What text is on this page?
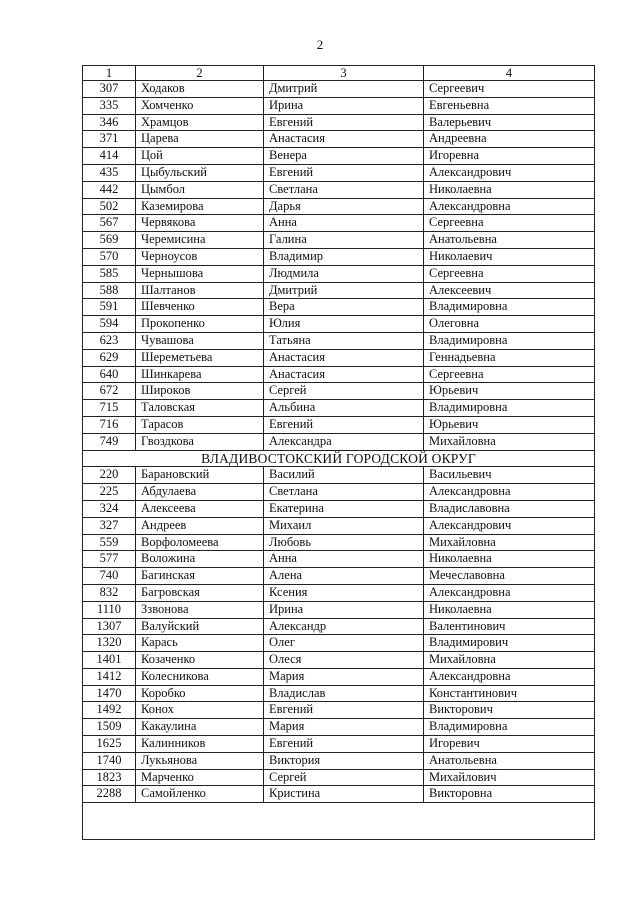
2
1	2	3	4
307	Ходаков	Дмитрий	Сергеевич
335	Хомченко	Ирина	Евгеньевна
346	Храмцов	Евгений	Валерьевич
371	Царева	Анастасия	Андреевна
414	Цой	Венера	Игоревна
435	Цыбульский	Евгений	Александрович
442	Цымбол	Светлана	Николаевна
502	Каземирова	Дарья	Александровна
567	Червякова	Анна	Сергеевна
569	Черемисина	Галина	Анатольевна
570	Черноусов	Владимир	Николаевич
585	Чернышова	Людмила	Сергеевна
588	Шалтанов	Дмитрий	Алексеевич
591	Шевченко	Вера	Владимировна
594	Прокопенко	Юлия	Олеговна
623	Чувашова	Татьяна	Владимировна
629	Шереметьева	Анастасия	Геннадьевна
640	Шинкарева	Анастасия	Сергеевна
672	Широков	Сергей	Юрьевич
715	Таловская	Альбина	Владимировна
716	Тарасов	Евгений	Юрьевич
749	Гвоздкова	Александра	Михайловна
ВЛАДИВОСТОКСКИЙ ГОРОДСКОЙ ОКРУГ			
220	Барановский	Василий	Васильевич
225	Абдулаева	Светлана	Александровна
324	Алексеева	Екатерина	Владиславовна
327	Андреев	Михаил	Александрович
559	Ворфоломеева	Любовь	Михайловна
577	Воложина	Анна	Николаевна
740	Багинская	Алена	Мечеславовна
832	Багровская	Ксения	Александровна
1110	Ззвонова	Ирина	Николаевна
1307	Валуйский	Александр	Валентинович
1320	Карась	Олег	Владимирович
1401	Козаченко	Олеся	Михайловна
1412	Колесникова	Мария	Александровна
1470	Коробко	Владислав	Константинович
1492	Конох	Евгений	Викторович
1509	Какаулина	Мария	Владимировна
1625	Калинников	Евгений	Игоревич
1740	Лукьянова	Виктория	Анатольевна
1823	Марченко	Сергей	Михайлович
2288	Самойленко	Кристина	Викторовна
